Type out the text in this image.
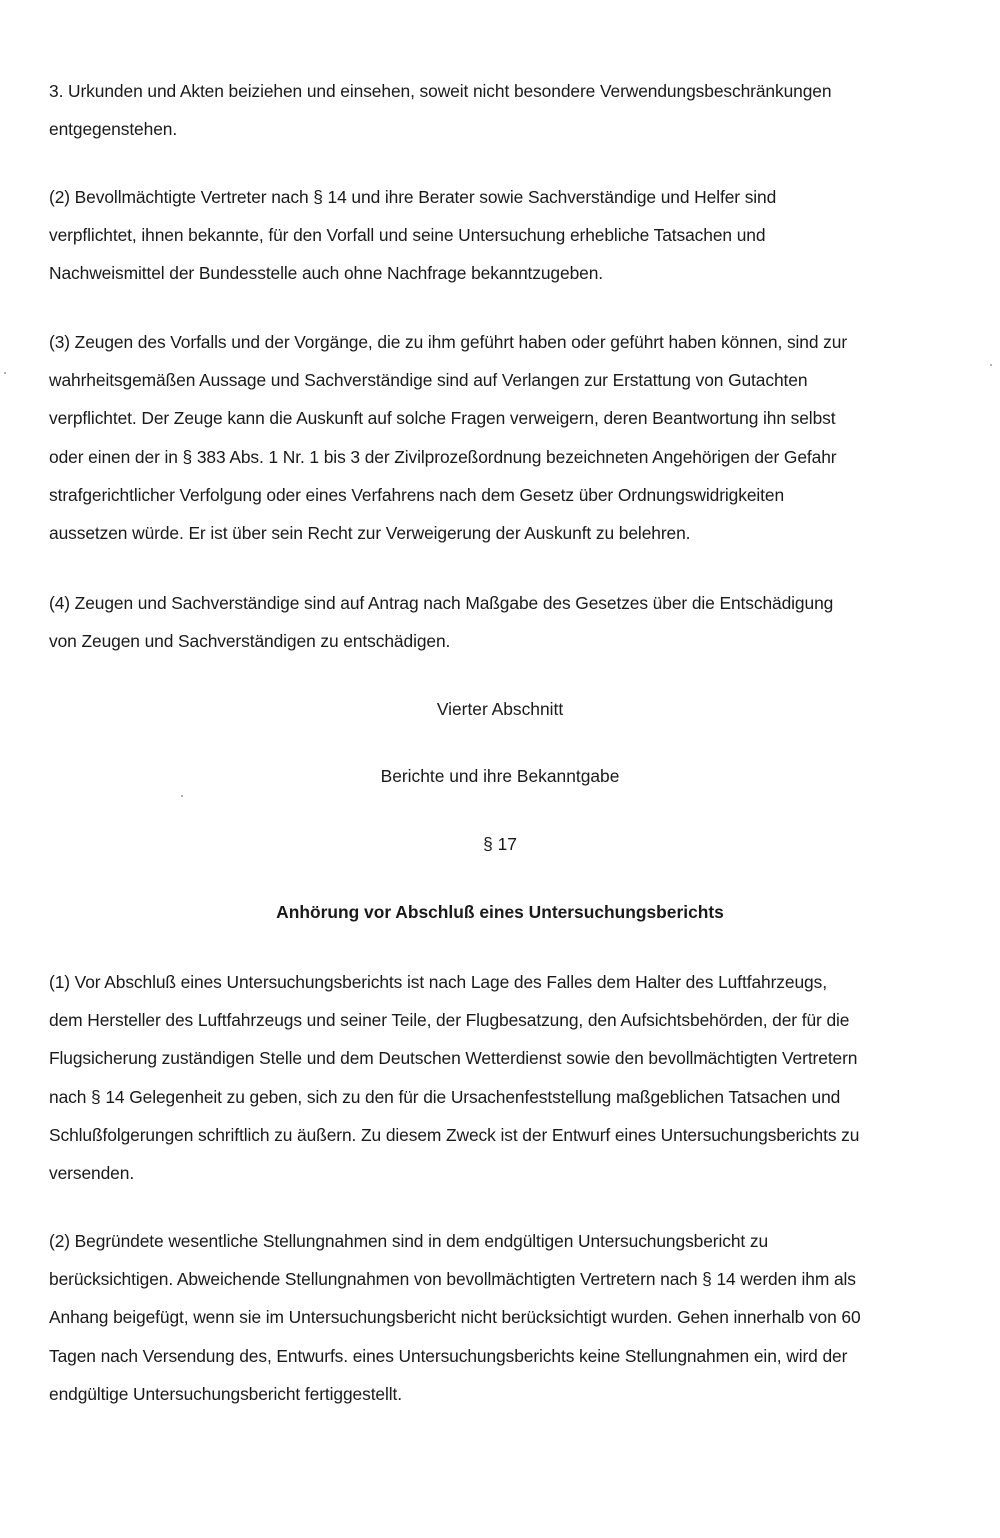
3. Urkunden und Akten beiziehen und einsehen, soweit nicht besondere Verwendungsbeschränkungen
entgegenstehen.
(2) Bevollmächtigte Vertreter nach § 14 und ihre Berater sowie Sachverständige und Helfer sind
verpflichtet, ihnen bekannte, für den Vorfall und seine Untersuchung erhebliche Tatsachen und
Nachweismittel der Bundesstelle auch ohne Nachfrage bekanntzugeben.
(3) Zeugen des Vorfalls und der Vorgänge, die zu ihm geführt haben oder geführt haben können, sind zur
wahrheitsgemäßen Aussage und Sachverständige sind auf Verlangen zur Erstattung von Gutachten
verpflichtet. Der Zeuge kann die Auskunft auf solche Fragen verweigern, deren Beantwortung ihn selbst
oder einen der in § 383 Abs. 1 Nr. 1 bis 3 der Zivilprozeßordnung bezeichneten Angehörigen der Gefahr
strafgerichtlicher Verfolgung oder eines Verfahrens nach dem Gesetz über Ordnungswidrigkeiten
aussetzen würde. Er ist über sein Recht zur Verweigerung der Auskunft zu belehren.
(4) Zeugen und Sachverständige sind auf Antrag nach Maßgabe des Gesetzes über die Entschädigung
von Zeugen und Sachverständigen zu entschädigen.
Vierter Abschnitt
Berichte und ihre Bekanntgabe
§ 17
Anhörung vor Abschluß eines Untersuchungsberichts
(1) Vor Abschluß eines Untersuchungsberichts ist nach Lage des Falles dem Halter des Luftfahrzeugs,
dem Hersteller des Luftfahrzeugs und seiner Teile, der Flugbesatzung, den Aufsichtsbehörden, der für die
Flugsicherung zuständigen Stelle und dem Deutschen Wetterdienst sowie den bevollmächtigten Vertretern
nach § 14 Gelegenheit zu geben, sich zu den für die Ursachenfeststellung maßgeblichen Tatsachen und
Schlußfolgerungen schriftlich zu äußern. Zu diesem Zweck ist der Entwurf eines Untersuchungsberichts zu
versenden.
(2) Begründete wesentliche Stellungnahmen sind in dem endgültigen Untersuchungsbericht zu
berücksichtigen. Abweichende Stellungnahmen von bevollmächtigten Vertretern nach § 14 werden ihm als
Anhang beigefügt, wenn sie im Untersuchungsbericht nicht berücksichtigt wurden. Gehen innerhalb von 60
Tagen nach Versendung des, Entwurfs. eines Untersuchungsberichts keine Stellungnahmen ein, wird der
endgültige Untersuchungsbericht fertiggestellt.
